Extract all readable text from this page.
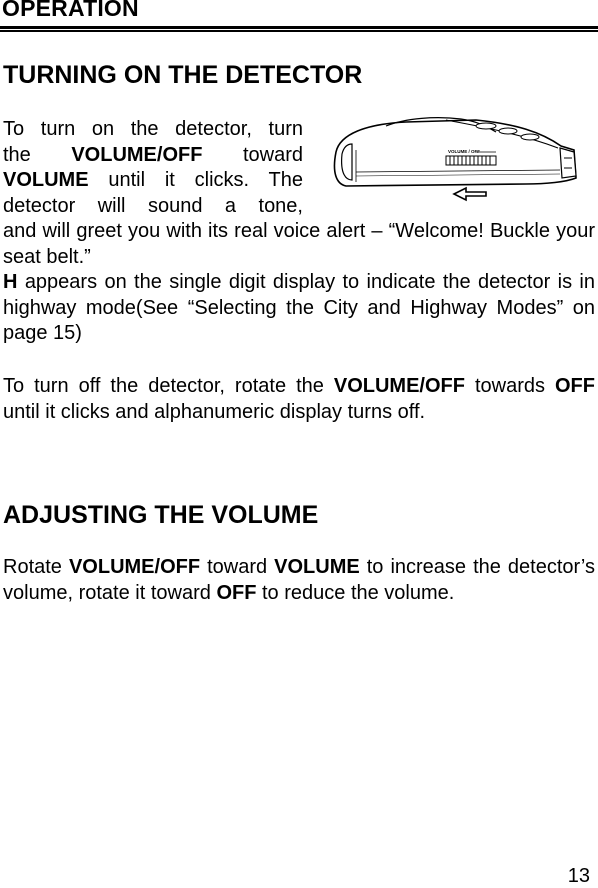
OPERATION
TURNING ON THE DETECTOR
To turn on the detector, turn
the VOLUME/OFF toward
VOLUME until it clicks. The
detector will sound a tone,
VOLUME / OFF
and will greet you with its real voice alert – “Welcome! Buckle your seat belt.”
H appears on the single digit display to indicate the detector is in highway mode(See “Selecting the City and Highway Modes” on page 15)
To turn off the detector, rotate the VOLUME/OFF towards OFF until it clicks and alphanumeric display turns off.
ADJUSTING THE VOLUME
Rotate VOLUME/OFF toward VOLUME to increase the detector’s volume, rotate it toward OFF to reduce the volume.
13
